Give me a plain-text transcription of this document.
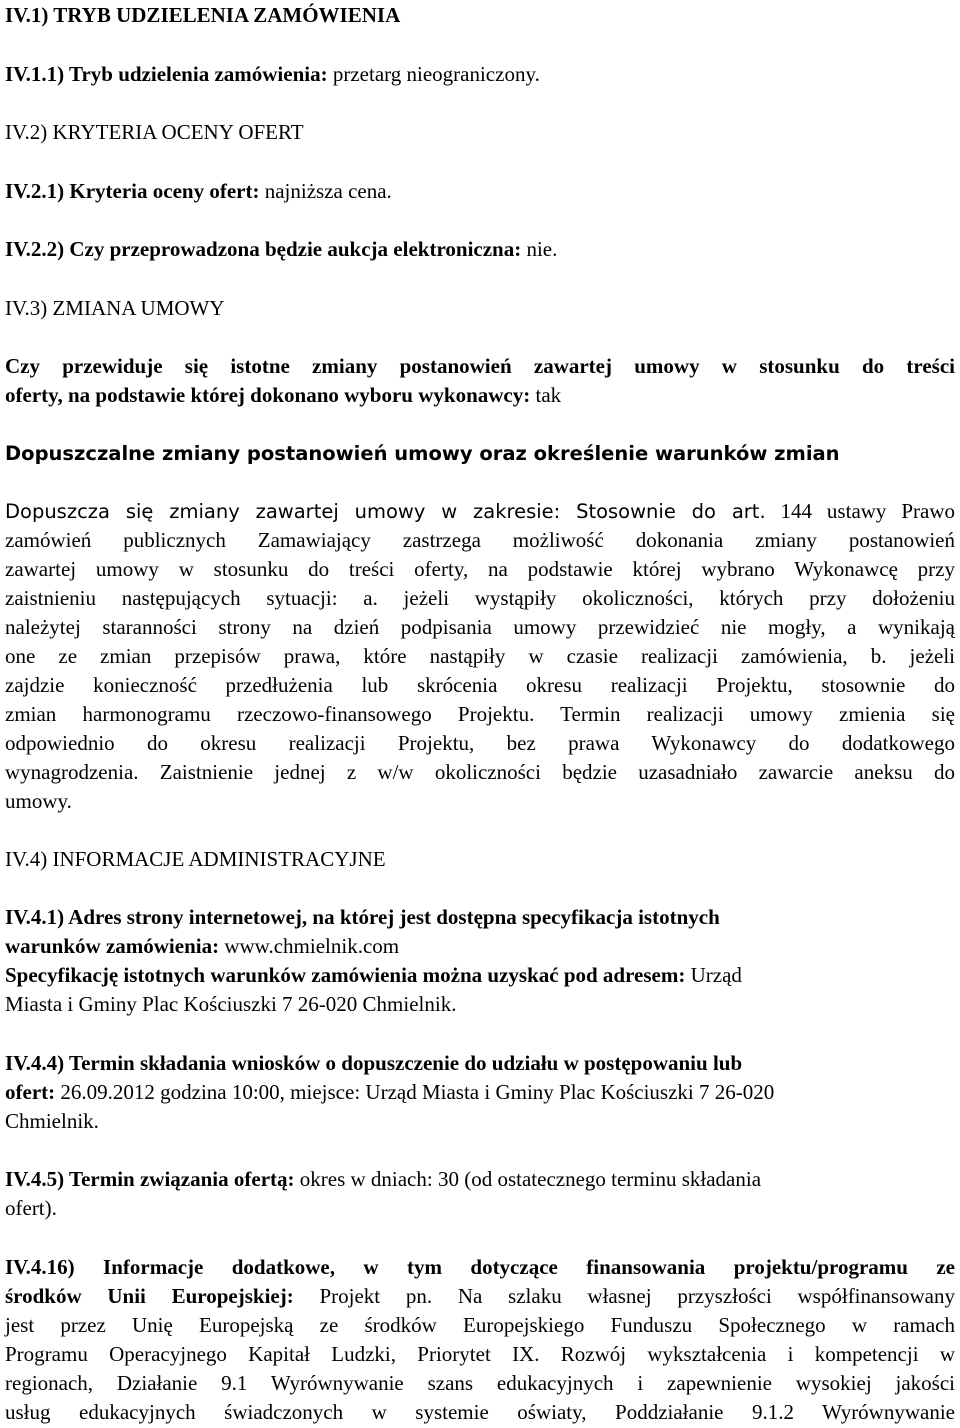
IV.1) TRYB UDZIELENIA ZAMÓWIENIA
IV.1.1) Tryb udzielenia zamówienia: przetarg nieograniczony.
IV.2) KRYTERIA OCENY OFERT
IV.2.1) Kryteria oceny ofert: najniższa cena.
IV.2.2) Czy przeprowadzona będzie aukcja elektroniczna: nie.
IV.3) ZMIANA UMOWY
Czy przewiduje się istotne zmiany postanowień zawartej umowy w stosunku do treści
oferty, na podstawie której dokonano wyboru wykonawcy: tak
Dopuszczalne zmiany postanowień umowy oraz określenie warunków zmian
Dopuszcza się zmiany zawartej umowy w zakresie: Stosownie do art. 144 ustawy Prawo
zamówień publicznych Zamawiający zastrzega możliwość dokonania zmiany postanowień
zawartej umowy w stosunku do treści oferty, na podstawie której wybrano Wykonawcę przy
zaistnieniu następujących sytuacji: a. jeżeli wystąpiły okoliczności, których przy dołożeniu
należytej staranności strony na dzień podpisania umowy przewidzieć nie mogły, a wynikają
one ze zmian przepisów prawa, które nastąpiły w czasie realizacji zamówienia, b. jeżeli
zajdzie konieczność przedłużenia lub skrócenia okresu realizacji Projektu, stosownie do
zmian harmonogramu rzeczowo-finansowego Projektu. Termin realizacji umowy zmienia się
odpowiednio do okresu realizacji Projektu, bez prawa Wykonawcy do dodatkowego
wynagrodzenia. Zaistnienie jednej z w/w okoliczności będzie uzasadniało zawarcie aneksu do
umowy.
IV.4) INFORMACJE ADMINISTRACYJNE
IV.4.1) Adres strony internetowej, na której jest dostępna specyfikacja istotnych
warunków zamówienia: www.chmielnik.com
Specyfikację istotnych warunków zamówienia można uzyskać pod adresem: Urząd
Miasta i Gminy Plac Kościuszki 7 26-020 Chmielnik.
IV.4.4) Termin składania wniosków o dopuszczenie do udziału w postępowaniu lub
ofert: 26.09.2012 godzina 10:00, miejsce: Urząd Miasta i Gminy Plac Kościuszki 7 26-020
Chmielnik.
IV.4.5) Termin związania ofertą: okres w dniach: 30 (od ostatecznego terminu składania
ofert).
IV.4.16) Informacje dodatkowe, w tym dotyczące finansowania projektu/programu ze
środków Unii Europejskiej: Projekt pn. Na szlaku własnej przyszłości współfinansowany
jest przez Unię Europejską ze środków Europejskiego Funduszu Społecznego w ramach
Programu Operacyjnego Kapitał Ludzki, Priorytet IX. Rozwój wykształcenia i kompetencji w
regionach, Działanie 9.1 Wyrównywanie szans edukacyjnych i zapewnienie wysokiej jakości
usług edukacyjnych świadczonych w systemie oświaty, Poddziałanie 9.1.2 Wyrównywanie
